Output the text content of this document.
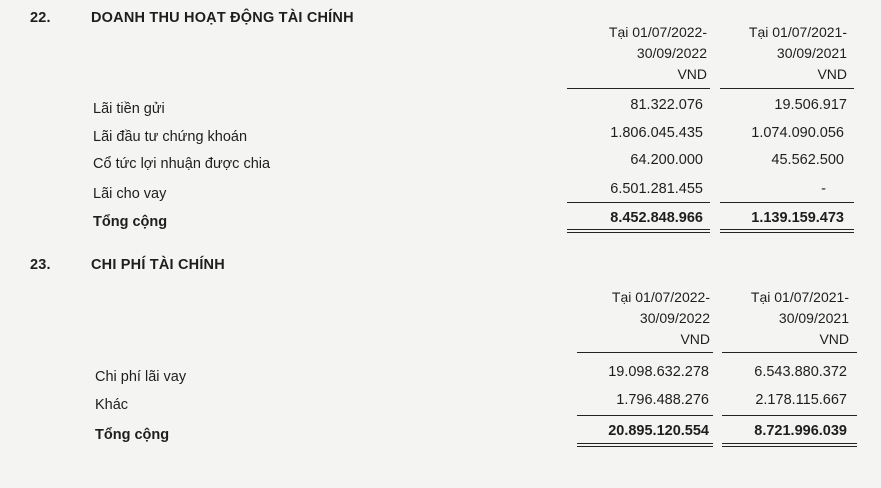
22.	DOANH THU HOẠT ĐỘNG TÀI CHÍNH
Tại 01/07/2022-
30/09/2022
VND
Tại 01/07/2021-
30/09/2021
VND
Lãi tiền gửi	81.322.076	19.506.917
Lãi đầu tư chứng khoán	1.806.045.435	1.074.090.056
Cổ tức lợi nhuận được chia	64.200.000	45.562.500
Lãi cho vay	6.501.281.455	-
Tổng cộng	8.452.848.966	1.139.159.473
23.	CHI PHÍ TÀI CHÍNH
Tại 01/07/2022-
30/09/2022
VND
Tại 01/07/2021-
30/09/2021
VND
Chi phí lãi vay	19.098.632.278	6.543.880.372
Khác	1.796.488.276	2.178.115.667
Tổng cộng	20.895.120.554	8.721.996.039
